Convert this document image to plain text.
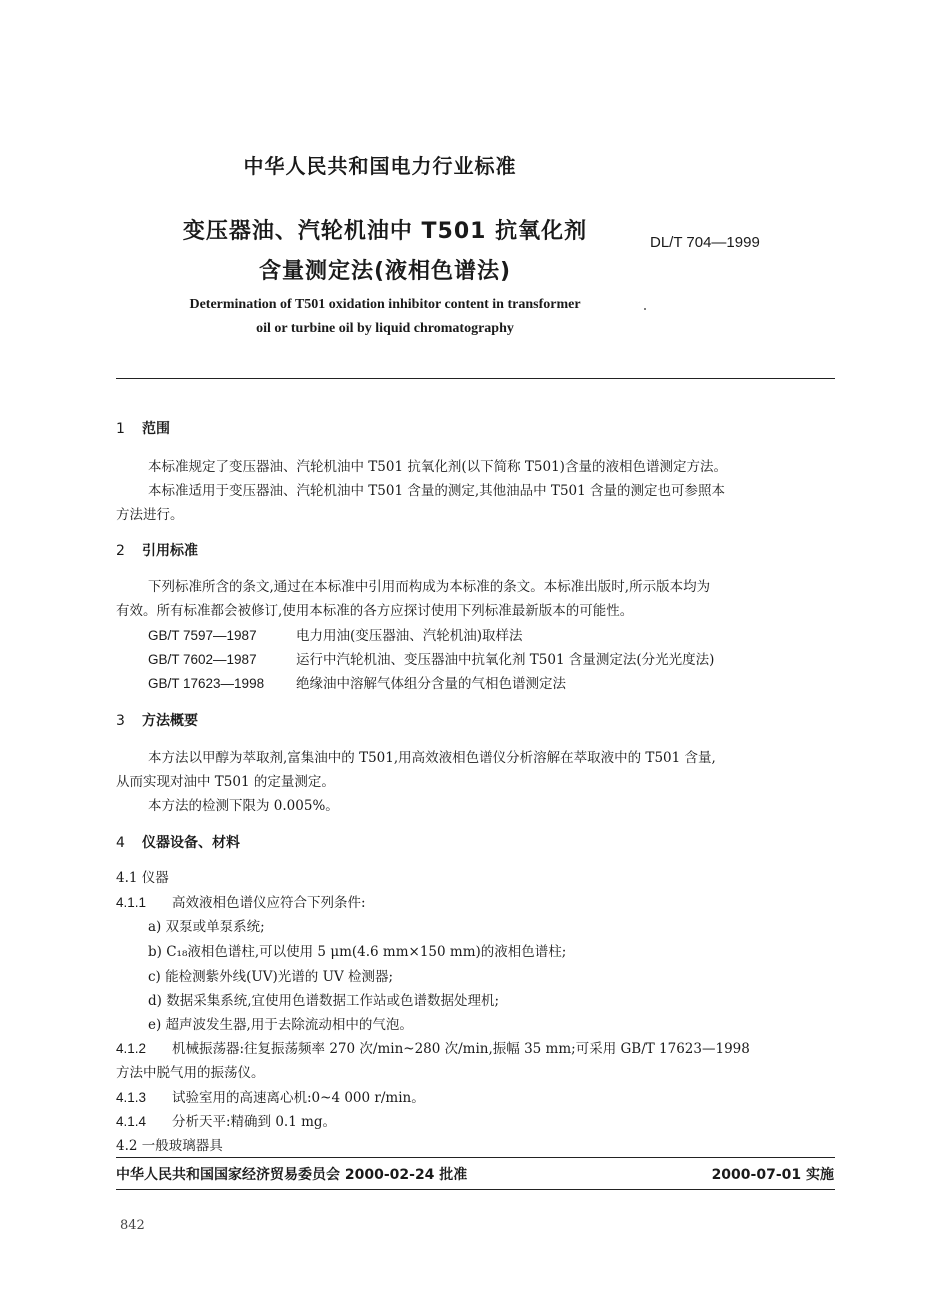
中华人民共和国电力行业标准
变压器油、汽轮机油中 T501 抗氧化剂
含量测定法(液相色谱法)
DL/T 704—1999
Determination of T501 oxidation inhibitor content in transformer
oil or turbine oil by liquid chromatography
1 范围
本标准规定了变压器油、汽轮机油中 T501 抗氧化剂(以下简称 T501)含量的液相色谱测定方法。
本标准适用于变压器油、汽轮机油中 T501 含量的测定,其他油品中 T501 含量的测定也可参照本
方法进行。
2 引用标准
下列标准所含的条文,通过在本标准中引用而构成为本标准的条文。本标准出版时,所示版本均为
有效。所有标准都会被修订,使用本标准的各方应探讨使用下列标准最新版本的可能性。
GB/T 7597—1987	电力用油(变压器油、汽轮机油)取样法
GB/T 7602—1987	运行中汽轮机油、变压器油中抗氧化剂 T501 含量测定法(分光光度法)
GB/T 17623—1998 绝缘油中溶解气体组分含量的气相色谱测定法
3 方法概要
本方法以甲醇为萃取剂,富集油中的 T501,用高效液相色谱仪分析溶解在萃取液中的 T501 含量,
从而实现对油中 T501 的定量测定。
本方法的检测下限为 0.005%。
4 仪器设备、材料
4.1 仪器
4.1.1 高效液相色谱仪应符合下列条件:
a) 双泵或单泵系统;
b) C₁₈液相色谱柱,可以使用 5 μm(4.6 mm×150 mm)的液相色谱柱;
c) 能检测紫外线(UV)光谱的 UV 检测器;
d) 数据采集系统,宜使用色谱数据工作站或色谱数据处理机;
e) 超声波发生器,用于去除流动相中的气泡。
4.1.2 机械振荡器:往复振荡频率 270 次/min~280 次/min,振幅 35 mm;可采用 GB/T 17623—1998
方法中脱气用的振荡仪。
4.1.3 试验室用的高速离心机:0~4 000 r/min。
4.1.4 分析天平:精确到 0.1 mg。
4.2 一般玻璃器具
中华人民共和国国家经济贸易委员会 2000-02-24 批准	2000-07-01 实施
842
